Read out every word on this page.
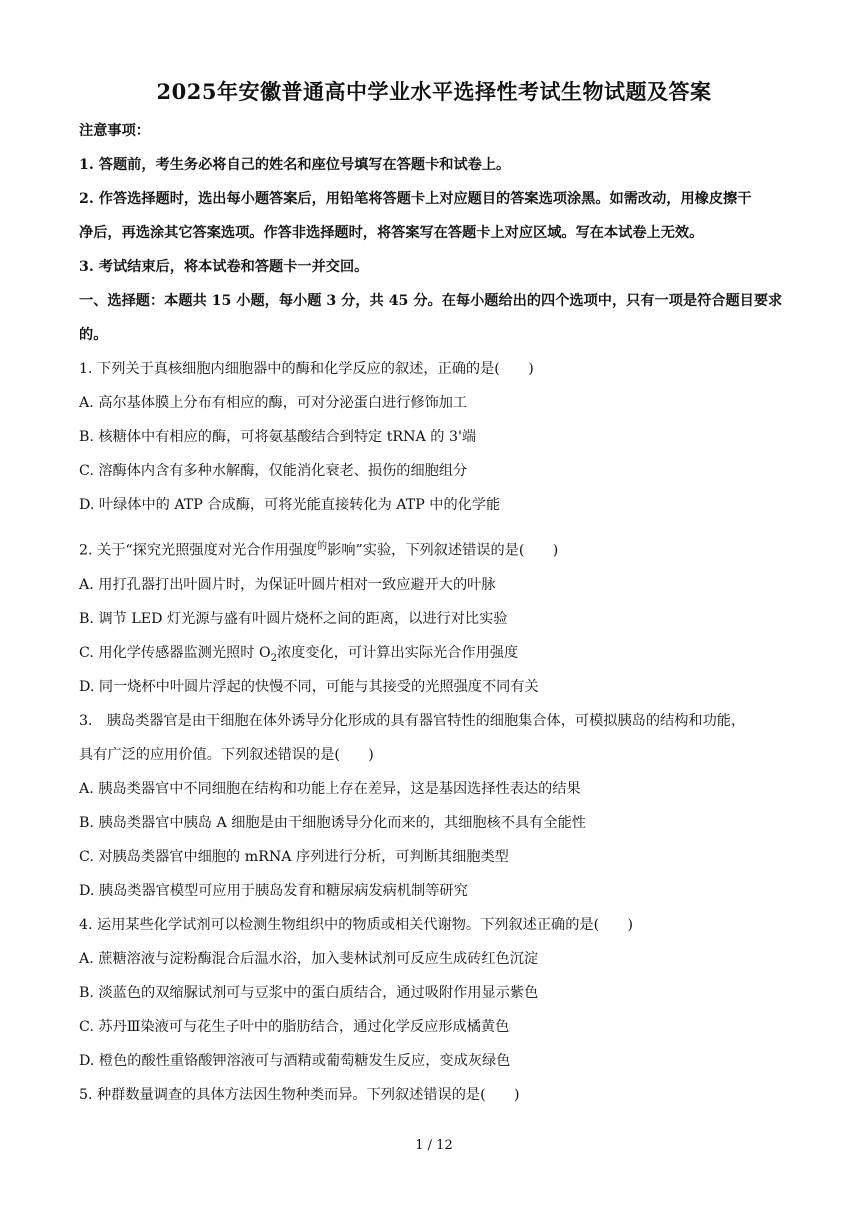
2025年安徽普通高中学业水平选择性考试生物试题及答案
注意事项：
1. 答题前，考生务必将自己的姓名和座位号填写在答题卡和试卷上。
2. 作答选择题时，选出每小题答案后，用铅笔将答题卡上对应题目的答案选项涂黑。如需改动，用橡皮擦干
净后，再选涂其它答案选项。作答非选择题时，将答案写在答题卡上对应区域。写在本试卷上无效。
3. 考试结束后，将本试卷和答题卡一并交回。
一、选择题：本题共 15 小题，每小题 3 分，共 45 分。在每小题给出的四个选项中，只有一项是符合题目要求
的。
1. 下列关于真核细胞内细胞器中的酶和化学反应的叙述，正确的是(　　)
A. 高尔基体膜上分布有相应的酶，可对分泌蛋白进行修饰加工
B. 核糖体中有相应的酶，可将氨基酸结合到特定 tRNA 的 3'端
C. 溶酶体内含有多种水解酶，仅能消化衰老、损伤的细胞组分
D. 叶绿体中的 ATP 合成酶，可将光能直接转化为 ATP 中的化学能
2. 关于“探究光照强度对光合作用强度$^的$影响”实验，下列叙述错误的是(　　)
A. 用打孔器打出叶圆片时，为保证叶圆片相对一致应避开大的叶脉
B. 调节 LED 灯光源与盛有叶圆片烧杯之间的距离，以进行对比实验
C. 用化学传感器监测光照时 $O_2$浓度变化，可计算出实际光合作用强度
D. 同一烧杯中叶圆片浮起的快慢不同，可能与其接受的光照强度不同有关
3.　胰岛类器官是由干细胞在体外诱导分化形成的具有器官特性的细胞集合体，可模拟胰岛的结构和功能，
具有广泛的应用价值。下列叙述错误的是(　　)
A. 胰岛类器官中不同细胞在结构和功能上存在差异，这是基因选择性表达的结果
B. 胰岛类器官中胰岛 A 细胞是由干细胞诱导分化而来的，其细胞核不具有全能性
C. 对胰岛类器官中细胞的 mRNA 序列进行分析，可判断其细胞类型
D. 胰岛类器官模型可应用于胰岛发育和糖尿病发病机制等研究
4. 运用某些化学试剂可以检测生物组织中的物质或相关代谢物。下列叙述正确的是(　　)
A. 蔗糖溶液与淀粉酶混合后温水浴，加入斐林试剂可反应生成砖红色沉淀
B. 淡蓝色的双缩脲试剂可与豆浆中的蛋白质结合，通过吸附作用显示紫色
C. 苏丹Ⅲ染液可与花生子叶中的脂肪结合，通过化学反应形成橘黄色
D. 橙色的酸性重铬酸钾溶液可与酒精或葡萄糖发生反应，变成灰绿色
5. 种群数量调查的具体方法因生物种类而异。下列叙述错误的是(　　)
1 / 12
